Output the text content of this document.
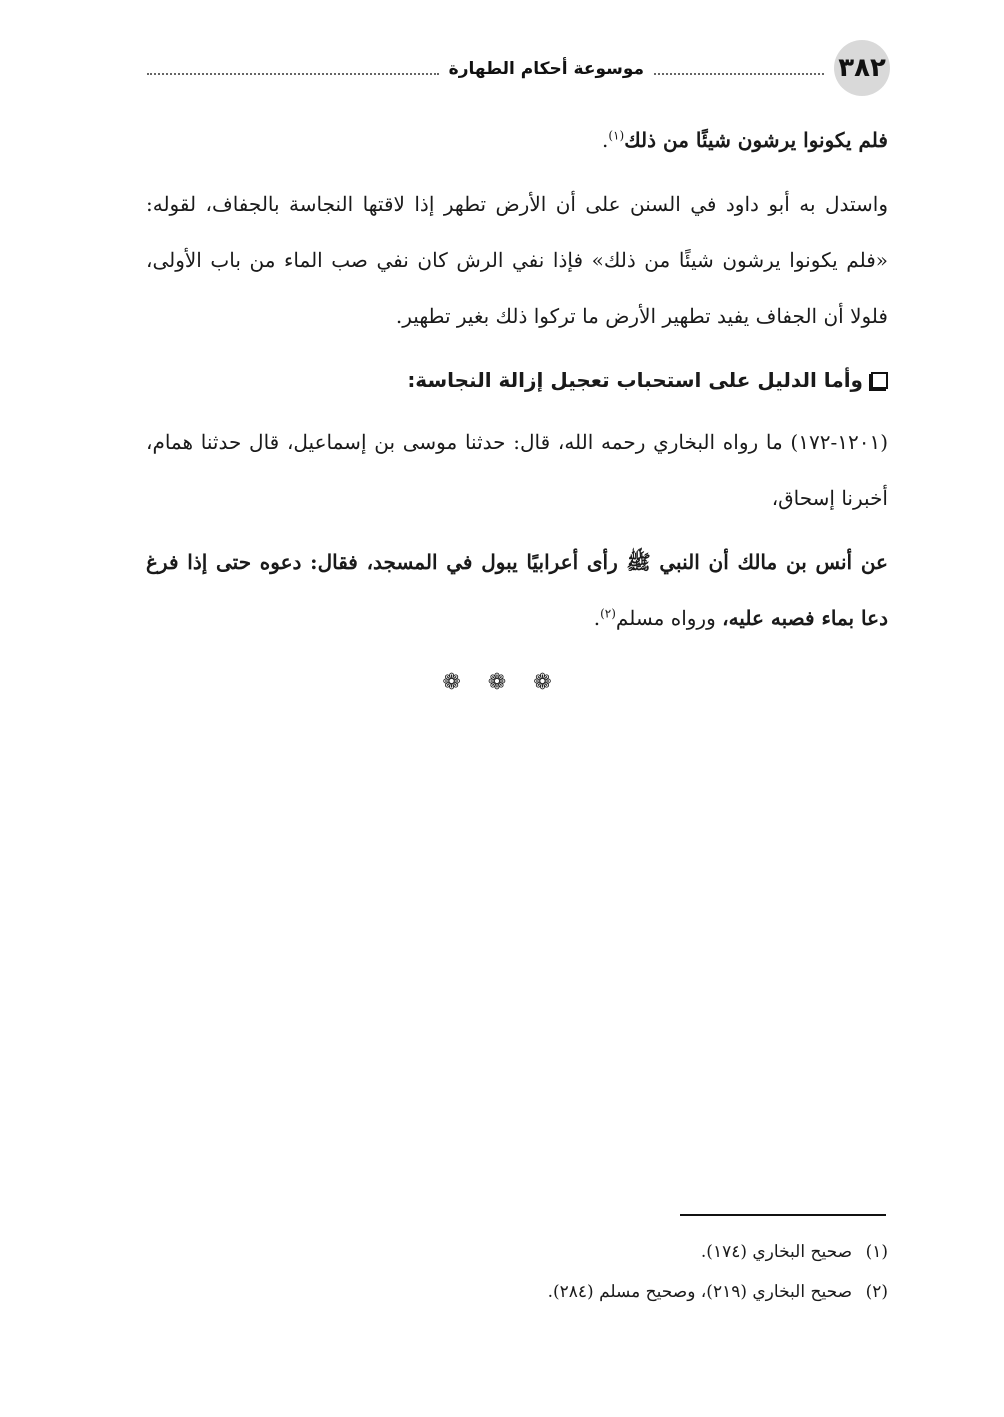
٣٨٢
موسوعة أحكام الطهارة

فلم يكونوا يرشون شيئًا من ذلك$^{(١)}$.

واستدل به أبو داود في السنن على أن الأرض تطهر إذا لاقتها النجاسة بالجفاف، لقوله: «فلم يكونوا يرشون شيئًا من ذلك» فإذا نفي الرش كان نفي صب الماء من باب الأولى، فلولا أن الجفاف يفيد تطهير الأرض ما تركوا ذلك بغير تطهير.

وأما الدليل على استحباب تعجيل إزالة النجاسة:

(١٢٠١-١٧٢) ما رواه البخاري رحمه الله، قال: حدثنا موسى بن إسماعيل، قال حدثنا همام، أخبرنا إسحاق،

عن أنس بن مالك أن النبي ﷺ رأى أعرابيًا يبول في المسجد، فقال: دعوه حتى إذا فرغ دعا بماء فصبه عليه، ورواه مسلم$^{(٢)}$.

❁ ❁ ❁
(١)
صحيح البخاري (١٧٤).
(٢)
صحيح البخاري (٢١٩)، وصحيح مسلم (٢٨٤).
